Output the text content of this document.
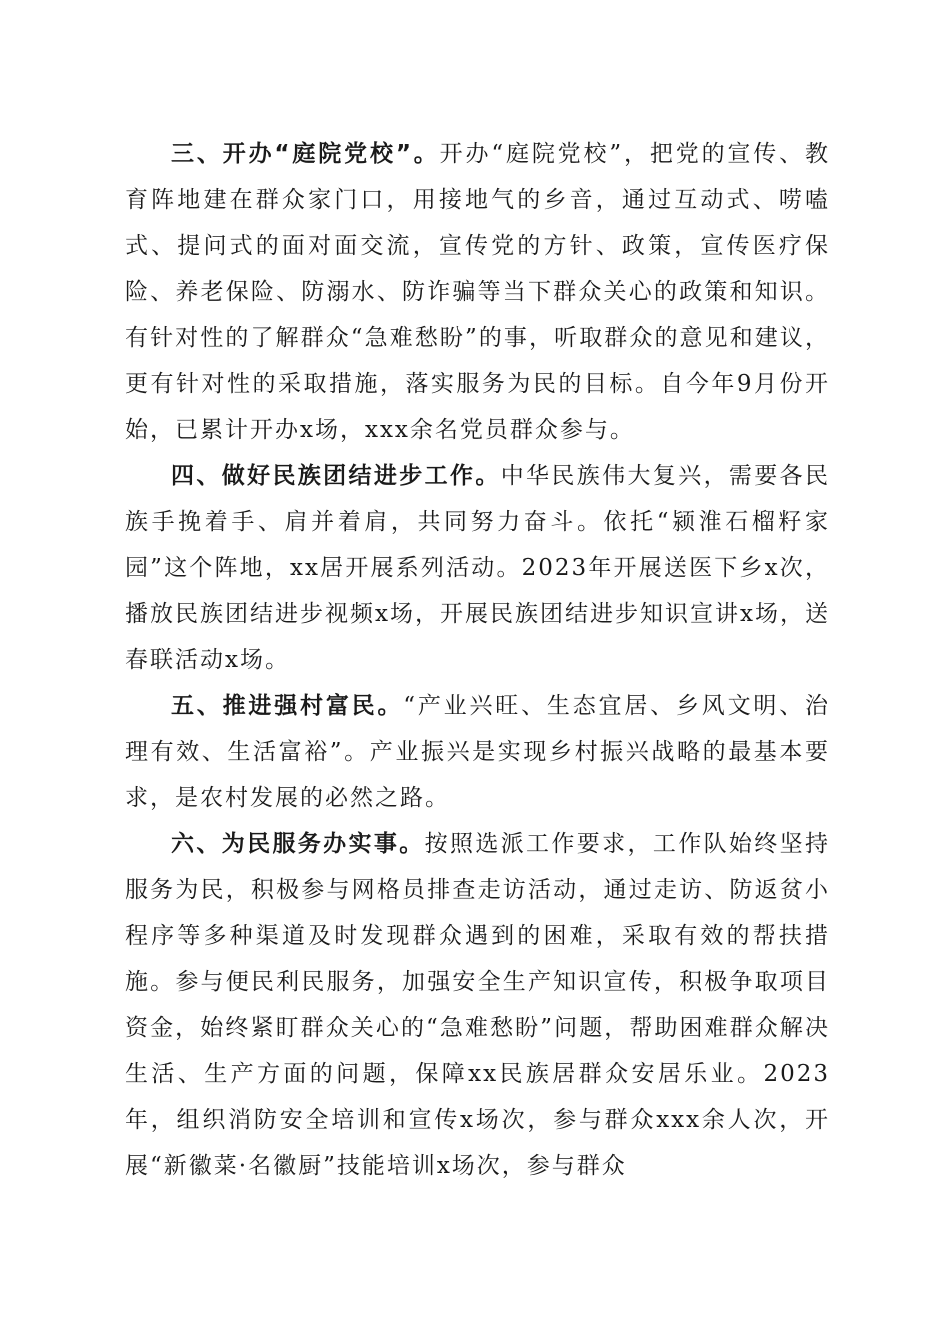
三、开办“庭院党校”。开办“庭院党校”，把党的宣传、教育阵地建在群众家门口，用接地气的乡音，通过互动式、唠嗑式、提问式的面对面交流，宣传党的方针、政策，宣传医疗保险、养老保险、防溺水、防诈骗等当下群众关心的政策和知识。有针对性的了解群众“急难愁盼”的事，听取群众的意见和建议，更有针对性的采取措施，落实服务为民的目标。自今年9月份开始，已累计开办x场，xxx余名党员群众参与。

四、做好民族团结进步工作。中华民族伟大复兴，需要各民族手挽着手、肩并着肩，共同努力奋斗。依托“颍淮石榴籽家园”这个阵地，xx居开展系列活动。2023年开展送医下乡x次，播放民族团结进步视频x场，开展民族团结进步知识宣讲x场，送春联活动x场。

五、推进强村富民。“产业兴旺、生态宜居、乡风文明、治理有效、生活富裕”。产业振兴是实现乡村振兴战略的最基本要求，是农村发展的必然之路。

六、为民服务办实事。按照选派工作要求，工作队始终坚持服务为民，积极参与网格员排查走访活动，通过走访、防返贫小程序等多种渠道及时发现群众遇到的困难，采取有效的帮扶措施。参与便民利民服务，加强安全生产知识宣传，积极争取项目资金，始终紧盯群众关心的“急难愁盼”问题，帮助困难群众解决生活、生产方面的问题，保障xx民族居群众安居乐业。2023年，组织消防安全培训和宣传x场次，参与群众xxx余人次，开展“新徽菜·名徽厨”技能培训x场次，参与群众
